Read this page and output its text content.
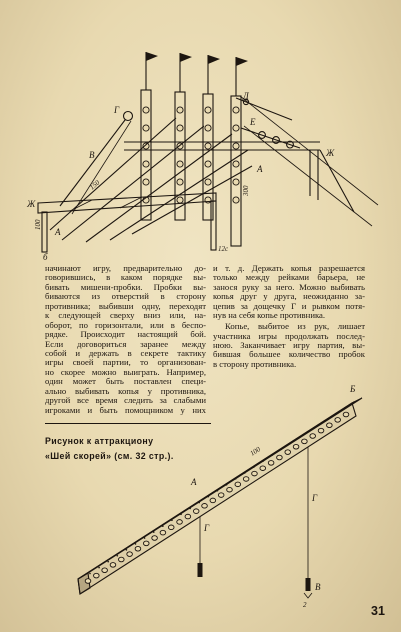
Г
В
150
Ж
100
А
б
12с
Д
Е
Ж
А
300
Б
А
100
Г
Г
В
2
начинают игру, предварительно до-
говорившись, в каком порядке вы-
бивать мишени-пробки. Пробки вы-
биваются из отверстий в сторону
противника; выбивши одну, переходят
к следующей сверху вниз или, на-
оборот, по горизонтали, или в беспо-
рядке. Происходит настоящий бой.
Если договориться заранее между
собой и держать в секрете тактику
игры своей партии, то организован-
но скорее можно выиграть. Например,
один может быть поставлен специ-
ально выбивать копья у противника,
другой все время следить за слабыми
игроками и быть помощником у них
и т. д. Держать копья разрешается
только между рейками барьера, не
занося руку за него. Можно выбивать
копья друг у друга, неожиданно за-
цепив за дощечку Г и рывком потя-
нув на себя копье противника.
Копье, выбитое из рук, лишает
участника игры продолжать послед-
нюю. Заканчивает игру партия, вы-
бившая большее количество пробок
в сторону противника.
Рисунок к аттракциону
«Шей скорей» (см. 32 стр.).
31
